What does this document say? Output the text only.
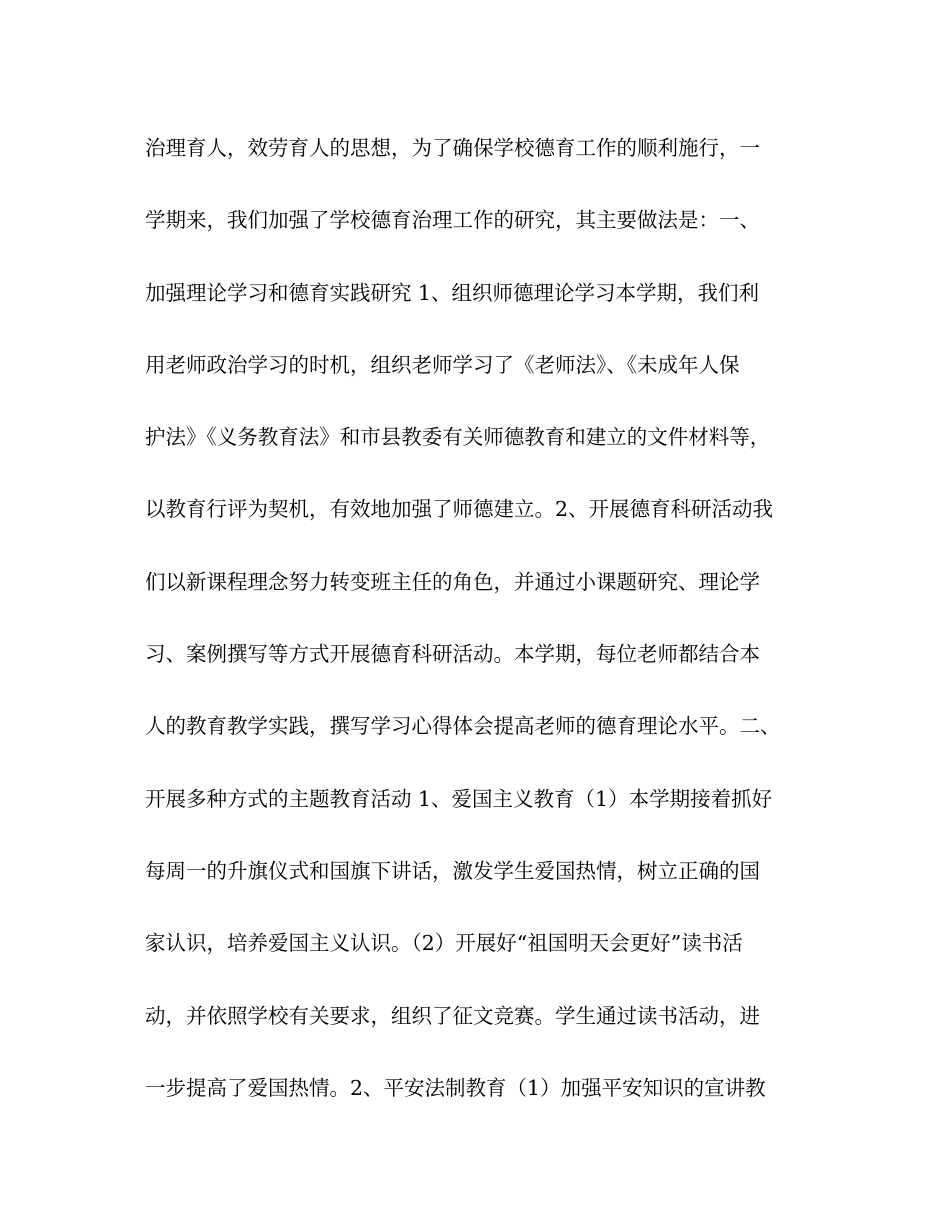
治理育人，效劳育人的思想，为了确保学校德育工作的顺利施行，一
学期来，我们加强了学校德育治理工作的研究，其主要做法是：一、
加强理论学习和德育实践研究 1、组织师德理论学习本学期，我们利
用老师政治学习的时机，组织老师学习了《老师法》、《未成年人保
护法》《义务教育法》和市县教委有关师德教育和建立的文件材料等，
以教育行评为契机，有效地加强了师德建立。2、开展德育科研活动我
们以新课程理念努力转变班主任的角色，并通过小课题研究、理论学
习、案例撰写等方式开展德育科研活动。本学期，每位老师都结合本
人的教育教学实践，撰写学习心得体会提高老师的德育理论水平。二、
开展多种方式的主题教育活动 1、爱国主义教育（1）本学期接着抓好
每周一的升旗仪式和国旗下讲话，激发学生爱国热情，树立正确的国
家认识，培养爱国主义认识。（2）开展好“祖国明天会更好”读书活
动，并依照学校有关要求，组织了征文竞赛。学生通过读书活动，进
一步提高了爱国热情。2、平安法制教育（1）加强平安知识的宣讲教
